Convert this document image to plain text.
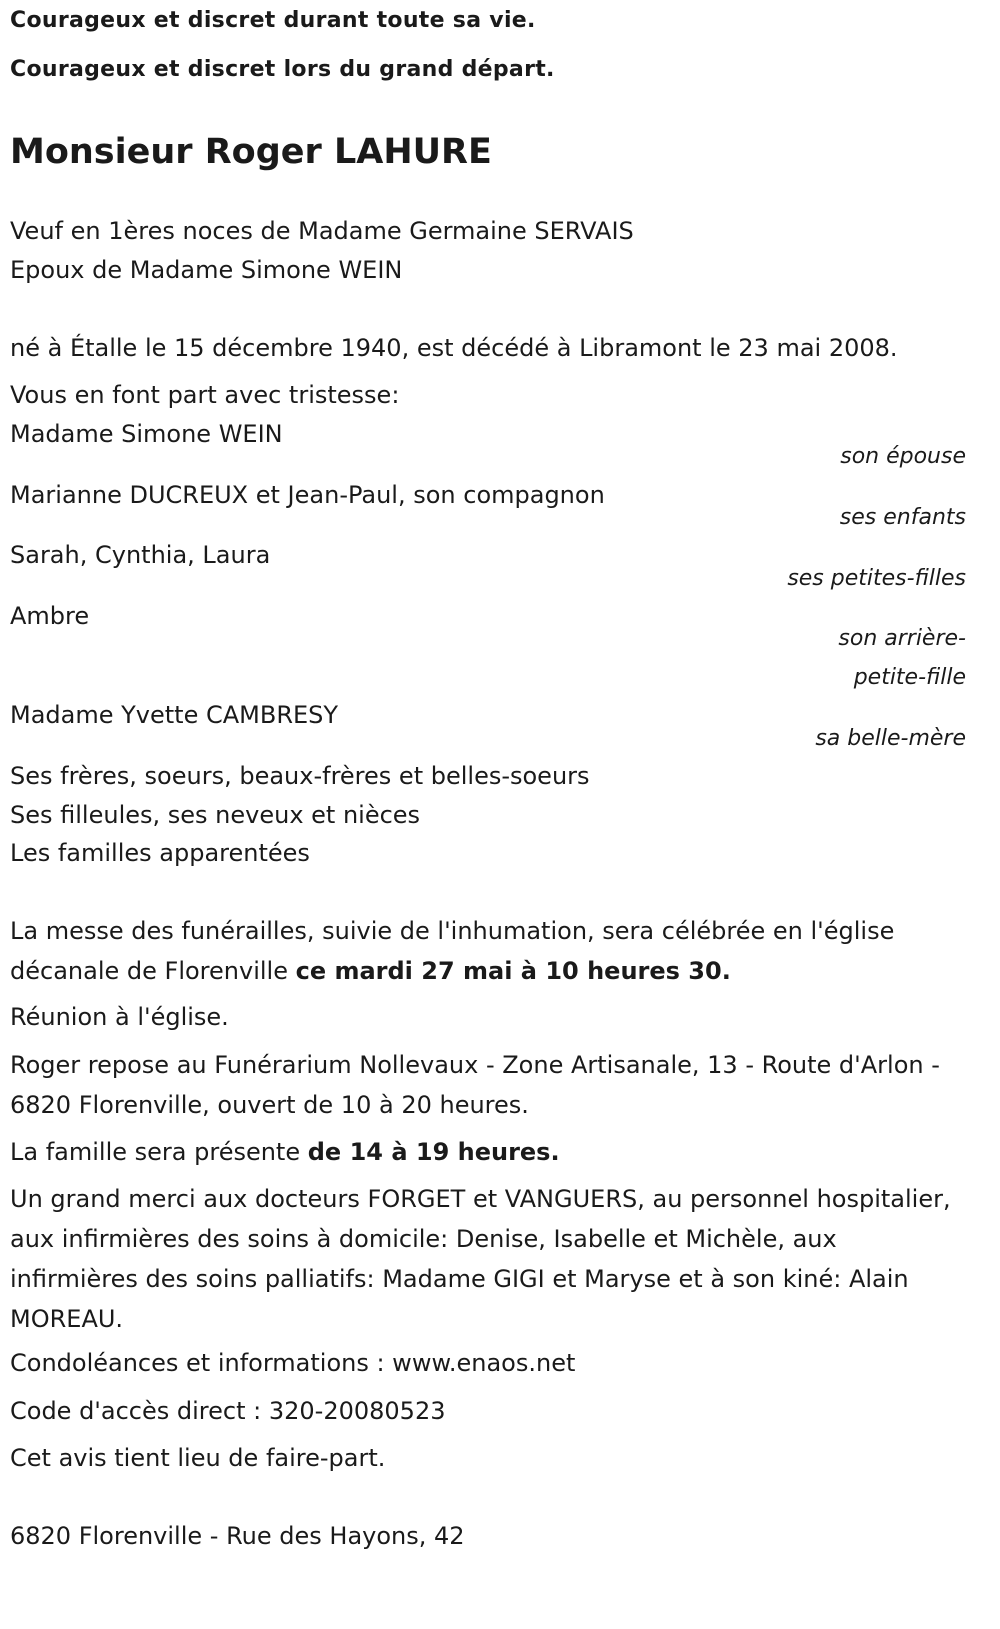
Courageux et discret durant toute sa vie.
Courageux et discret lors du grand départ.
Monsieur Roger LAHURE
Veuf en 1ères noces de Madame Germaine SERVAIS
Epoux de Madame Simone WEIN
né à Étalle le 15 décembre 1940, est décédé à Libramont le 23 mai 2008.
Vous en font part avec tristesse:
Madame Simone WEIN
son épouse
Marianne DUCREUX et Jean-Paul, son compagnon
ses enfants
Sarah, Cynthia, Laura
ses petites-filles
Ambre
son arrière-
petite-fille
Madame Yvette CAMBRESY
sa belle-mère
Ses frères, soeurs, beaux-frères et belles-soeurs
Ses filleules, ses neveux et nièces
Les familles apparentées
La messe des funérailles, suivie de l'inhumation, sera célébrée en l'église décanale de Florenville ce mardi 27 mai à 10 heures 30.
Réunion à l'église.
Roger repose au Funérarium Nollevaux - Zone Artisanale, 13 - Route d'Arlon - 6820 Florenville, ouvert de 10 à 20 heures.
La famille sera présente de 14 à 19 heures.
Un grand merci aux docteurs FORGET et VANGUERS, au personnel hospitalier, aux infirmières des soins à domicile: Denise, Isabelle et Michèle, aux infirmières des soins palliatifs: Madame GIGI et Maryse et à son kiné: Alain MOREAU.
Condoléances et informations : www.enaos.net
Code d'accès direct : 320-20080523
Cet avis tient lieu de faire-part.
6820 Florenville - Rue des Hayons, 42
